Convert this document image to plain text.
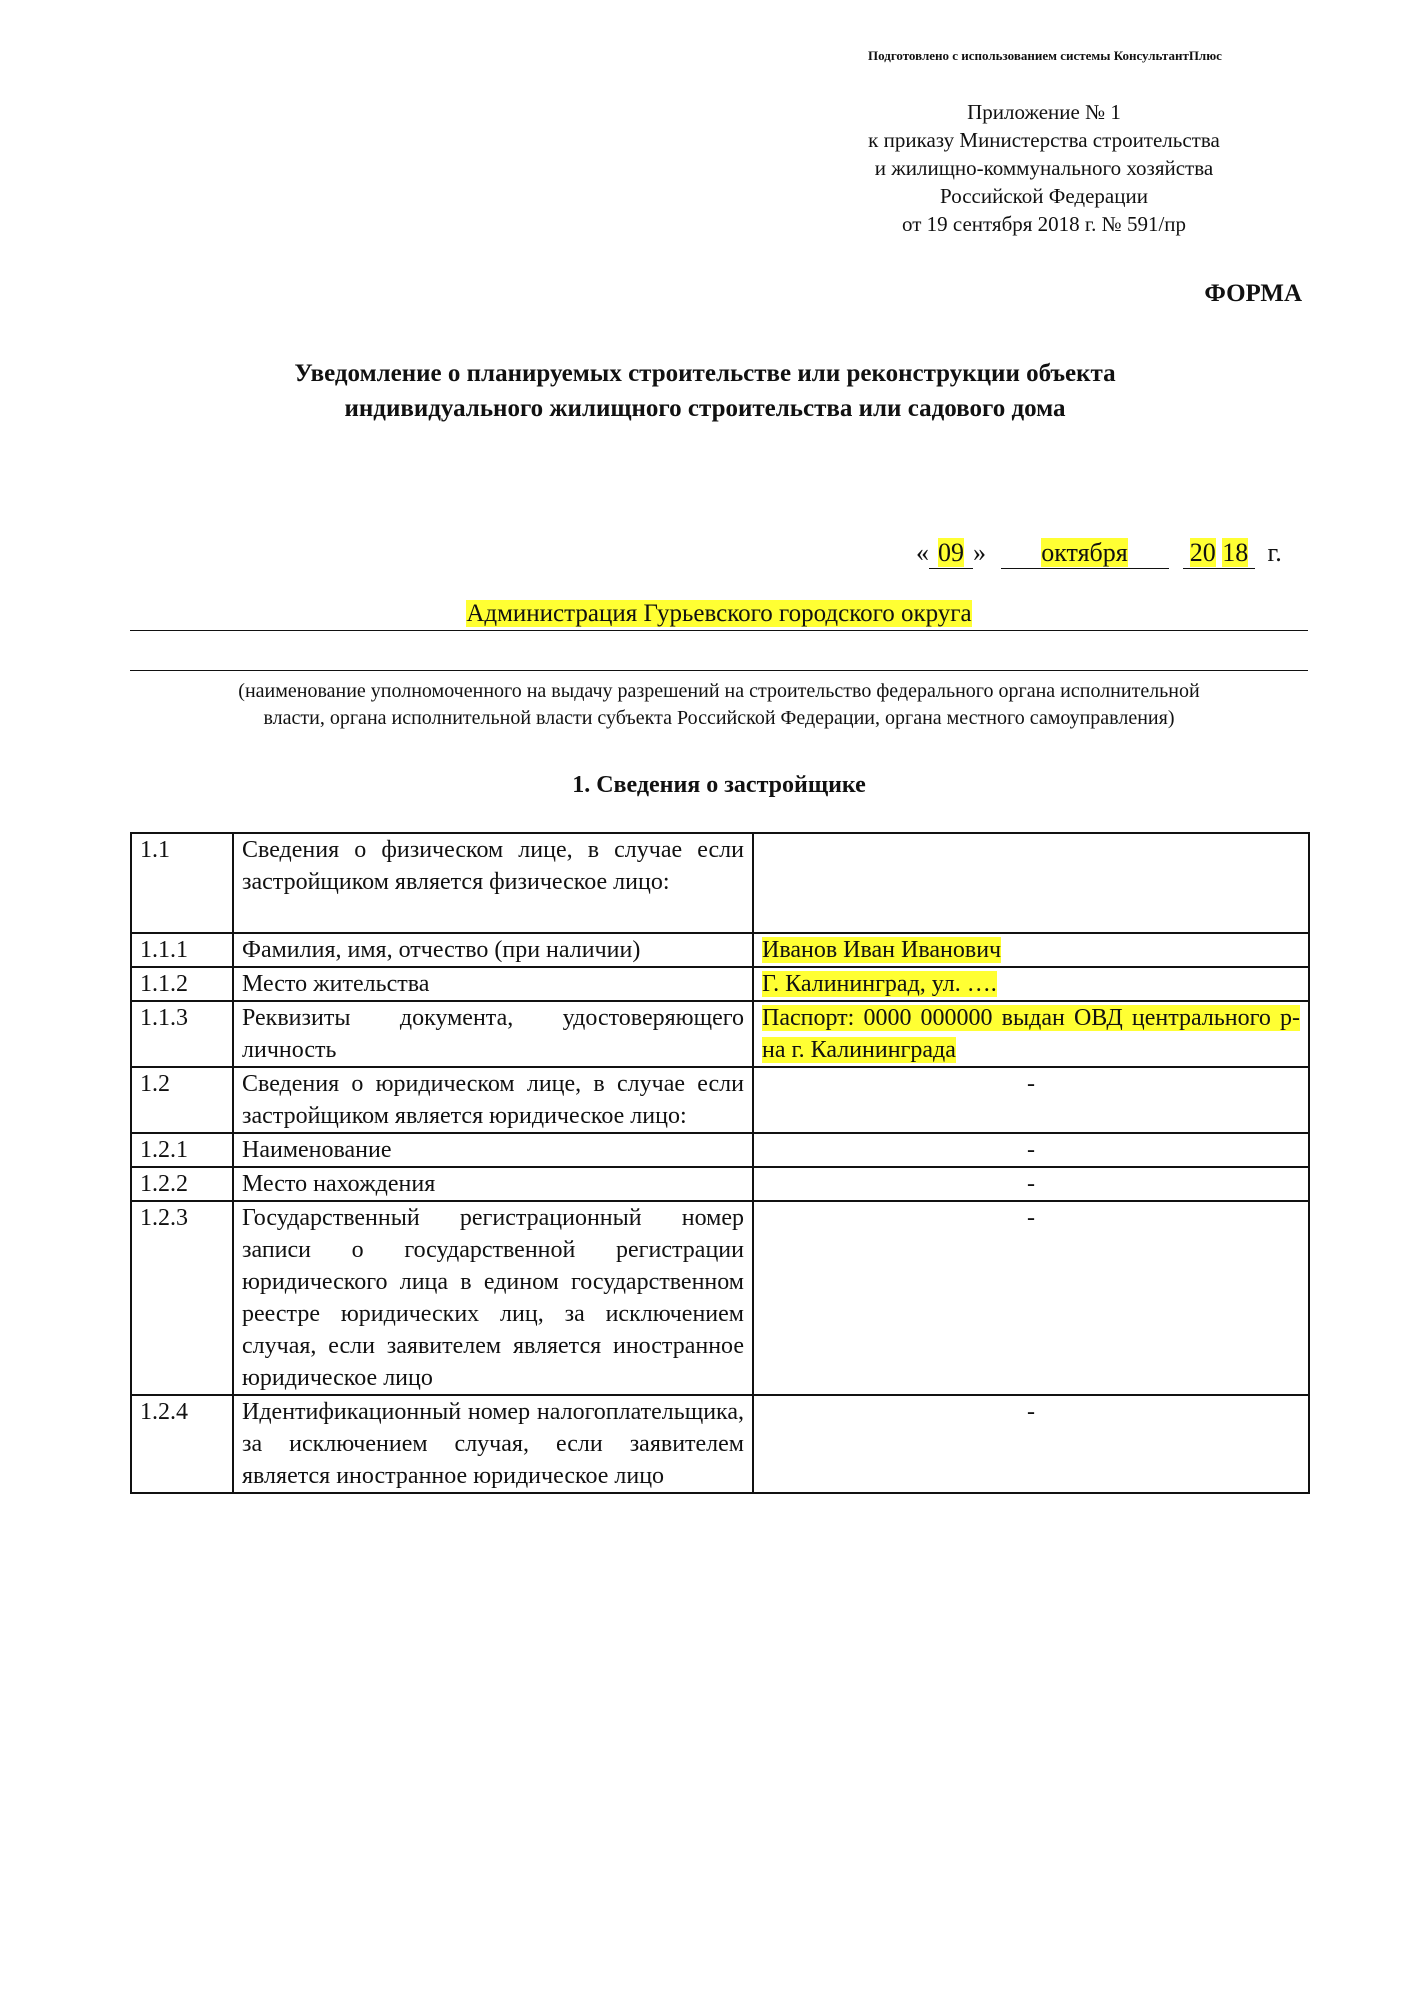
Подготовлено с использованием системы КонсультантПлюс
Приложение № 1
к приказу Министерства строительства
и жилищно-коммунального хозяйства
Российской Федерации
от 19 сентября 2018 г. № 591/пр
ФОРМА
Уведомление о планируемых строительстве или реконструкции объекта
индивидуального жилищного строительства или садового дома
« 09 » октября 20 18 г.
Администрация Гурьевского городского округа
(наименование уполномоченного на выдачу разрешений на строительство федерального органа исполнительной
власти, органа исполнительной власти субъекта Российской Федерации, органа местного самоуправления)
1. Сведения о застройщике
1.1	Сведения о физическом лице, в случае если застройщиком является физическое лицо:	
1.1.1	Фамилия, имя, отчество (при наличии)	Иванов Иван Иванович
1.1.2	Место жительства	Г. Калининград, ул. ….
1.1.3	Реквизиты документа, удостоверяющего личность	Паспорт: 0000 000000 выдан ОВД центрального р-на г. Калининграда
1.2	Сведения о юридическом лице, в случае если застройщиком является юридическое лицо:	-
1.2.1	Наименование	-
1.2.2	Место нахождения	-
1.2.3	Государственный регистрационный номер записи о государственной регистрации юридического лица в едином государственном реестре юридических лиц, за исключением случая, если заявителем является иностранное юридическое лицо	-
1.2.4	Идентификационный номер налогоплательщика, за исключением случая, если заявителем является иностранное юридическое лицо	-
